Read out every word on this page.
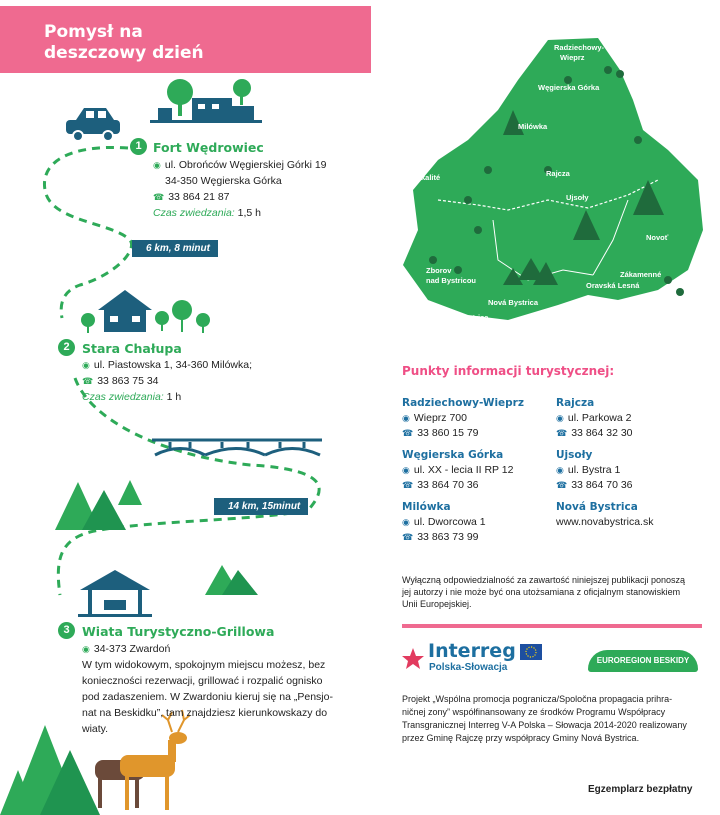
Pomysł na
deszczowy dzień
6 km, 8 minut
14 km, 15minut
1 Fort Wędrowiec
◉ ul. Obrońców Węgierskiej Górki 19
34-350 Węgierska Górka
☎ 33 864 21 87
Czas zwiedzania: 1,5 h
2 Stara Chałupa
◉ ul. Piastowska 1, 34-360 Milówka;
☎ 33 863 75 34
Czas zwiedzania: 1 h
3 Wiata Turystyczno-Grillowa
◉ 34-373 Zwardoń
W tym widokowym, spokojnym miejscu możesz, bez
konieczności rezerwacji, grillować i rozpalić ognisko
pod zadaszeniem. W Zwardoniu kieruj się na „Pensjo-
nat na Beskidku”, tam znajdziesz kierunkowskazy do
wiaty.
Radziechowy-
Wieprz
Węgierska Górka
Milówka
Rajcza
Skalité
Ujsoły
Novoť
Zákamenné
Zborov
nad Bystricou
Nová Bystrica
Oravská Lesná
Stará Bystrica
Punkty informacji turystycznej:
Radziechowy-Wieprz
◉ Wieprz 700
☎ 33 860 15 79
Węgierska Górka
◉ ul. XX - lecia II RP 12
☎ 33 864 70 36
Milówka
◉ ul. Dworcowa 1
☎ 33 863 73 99
Rajcza
◉ ul. Parkowa 2
☎ 33 864 32 30
Ujsoły
◉ ul. Bystra 1
☎ 33 864 70 36
Nová Bystrica
www.novabystrica.sk
Wyłączną odpowiedzialność za zawartość niniejszej publikacji ponoszą
jej autorzy i nie może być ona utożsamiana z oficjalnym stanowiskiem
Unii Europejskiej.
Interreg
Polska-Słowacja
EUROREGION BESKIDY
Projekt „Wspólna promocja pogranicza/Spoločna propagacia prihra-
ničnej zony” współfinansowany ze środków Programu Współpracy
Transgranicznej Interreg V-A Polska – Słowacja 2014-2020 realizowany
przez Gminę Rajczę przy współpracy Gminy Nová Bystrica.
Egzemplarz bezpłatny
